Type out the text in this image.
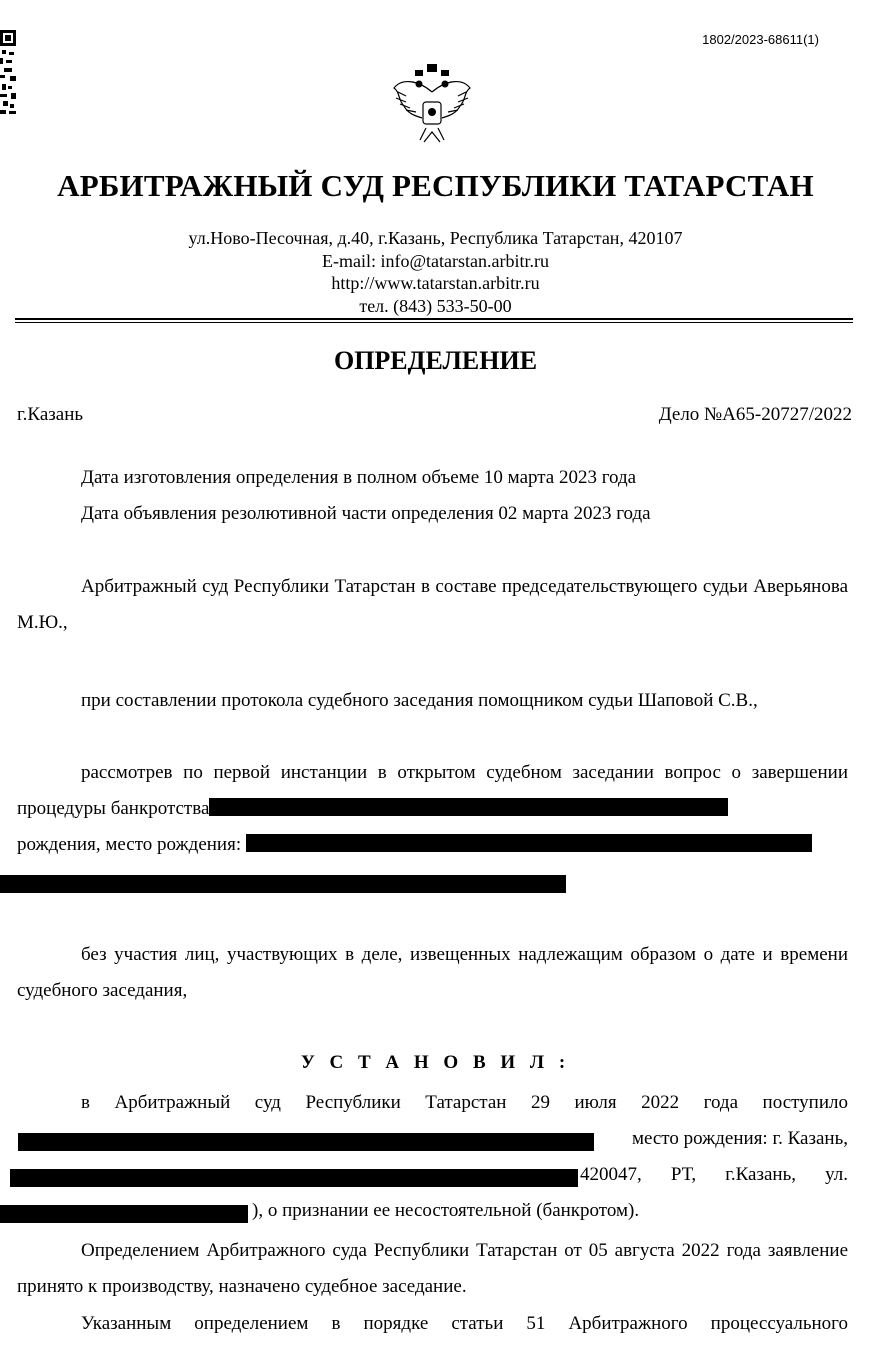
1802/2023-68611(1)
АРБИТРАЖНЫЙ СУД РЕСПУБЛИКИ ТАТАРСТАН
ул.Ново-Песочная, д.40, г.Казань, Республика Татарстан, 420107
E-mail: info@tatarstan.arbitr.ru
http://www.tatarstan.arbitr.ru
тел. (843) 533-50-00
ОПРЕДЕЛЕНИЕ
г.Казань	Дело №А65-20727/2022
Дата изготовления определения в полном объеме 10 марта 2023 года
Дата объявления резолютивной части определения 02 марта 2023 года
Арбитражный суд Республики Татарстан в составе председательствующего судьи Аверьянова М.Ю.,
при составлении протокола судебного заседания помощником судьи Шаповой С.В.,
рассмотрев по первой инстанции в открытом судебном заседании вопрос о завершении процедуры банкротства
рождения, место рождения:
без участия лиц, участвующих в деле, извещенных надлежащим образом о дате и времени судебного заседания,
У С Т А Н О В И Л :
в Арбитражный суд Республики Татарстан 29 июля 2022 года поступило
место рождения: г. Казань,
420047, РТ, г.Казань, ул.
), о признании ее несостоятельной (банкротом).
Определением Арбитражного суда Республики Татарстан от 05 августа 2022 года заявление принято к производству, назначено судебное заседание.
Указанным определением в порядке статьи 51 Арбитражного процессуального
